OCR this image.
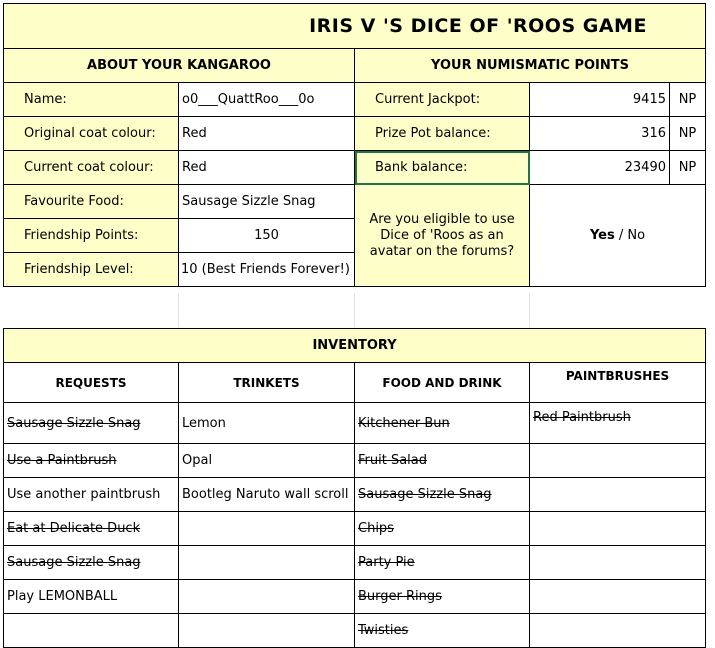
IRIS V 'S DICE OF 'ROOS GAME				
ABOUT YOUR KANGAROO		YOUR NUMISMATIC POINTS		
Name:	o0___QuattRoo___0o	Current Jackpot:	9415	NP
Original coat colour:	Red	Prize Pot balance:	316	NP
Current coat colour:	Red	Bank balance:	23490	NP
Favourite Food:	Sausage Sizzle Snag	Are you eligible to use Dice of 'Roos as an avatar on the forums?	Yes / No	
Friendship Points:	150			
Friendship Level:	10 (Best Friends Forever!)			
INVENTORY			
REQUESTS	TRINKETS	FOOD AND DRINK	PAINTBRUSHES
Sausage Sizzle Snag	Lemon	Kitchener Bun	Red Paintbrush
Use a Paintbrush	Opal	Fruit Salad	
Use another paintbrush	Bootleg Naruto wall scroll	Sausage Sizzle Snag	
Eat at Delicate Duck		Chips	
Sausage Sizzle Snag		Party Pie	
Play LEMONBALL		Burger Rings	
		Twisties	
